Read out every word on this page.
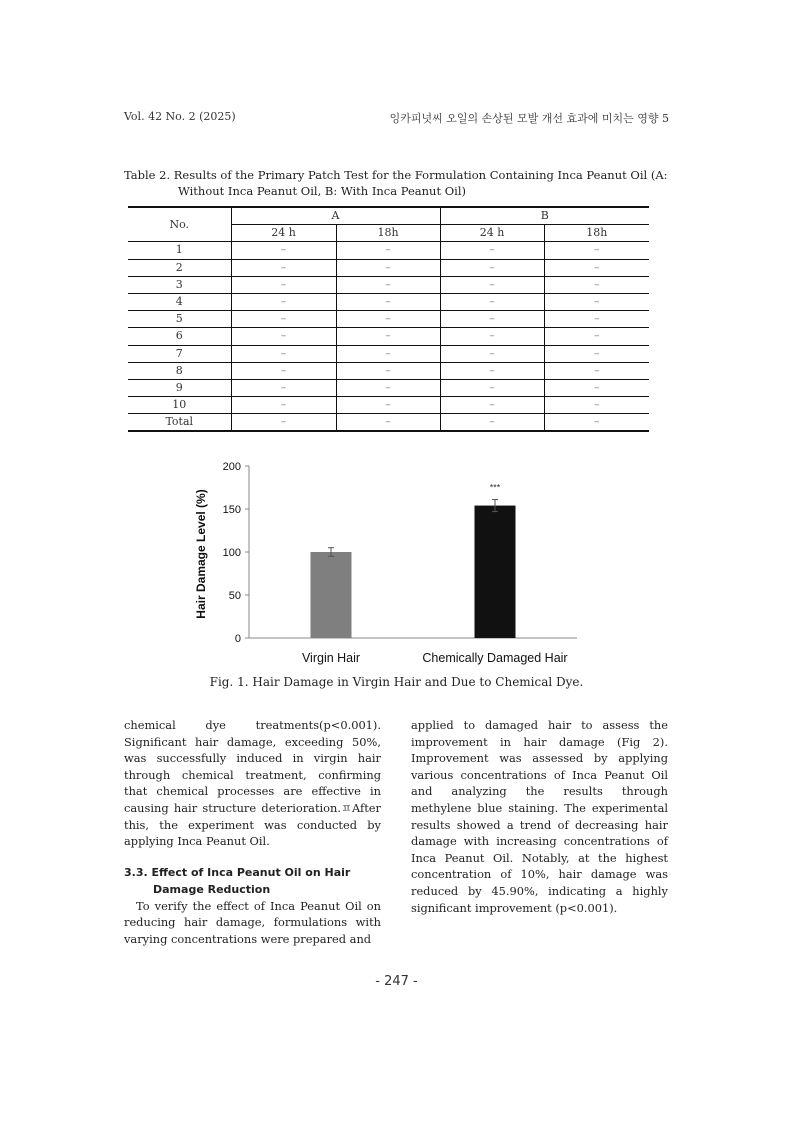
Vol. 42 No. 2 (2025)	잉카피넛씨 오일의 손상된 모발 개선 효과에 미치는 영향 5
Table 2. Results of the Primary Patch Test for the Formulation Containing Inca Peanut Oil (A:
Without Inca Peanut Oil, B: With Inca Peanut Oil)
No.	A		B	
	24 h	18h	24 h	18h
1	–	–	–	–
2	–	–	–	–
3	–	–	–	–
4	–	–	–	–
5	–	–	–	–
6	–	–	–	–
7	–	–	–	–
8	–	–	–	–
9	–	–	–	–
10	–	–	–	–
Total	–	–	–	–
0
50
100
150
200
Virgin Hair
***
Chemically Damaged Hair
Hair Damage Level (%)
Fig. 1. Hair Damage in Virgin Hair and Due to Chemical Dye.

chemical dye treatments(p<0.001). Significant hair damage, exceeding 50%, was successfully induced in virgin hair through chemical treatment, confirming that chemical processes are effective in causing hair structure deterioration.ㅍAfter this, the experiment was conducted by applying Inca Peanut Oil.

3.3. Effect of Inca Peanut Oil on Hair
Damage Reduction

To verify the effect of Inca Peanut Oil on reducing hair damage, formulations with varying concentrations were prepared and

applied to damaged hair to assess the improvement in hair damage (Fig 2). Improvement was assessed by applying various concentrations of Inca Peanut Oil and analyzing the results through methylene blue staining. The experimental results showed a trend of decreasing hair damage with increasing concentrations of Inca Peanut Oil. Notably, at the highest concentration of 10%, hair damage was reduced by 45.90%, indicating a highly significant improvement (p<0.001).

- 247 -
